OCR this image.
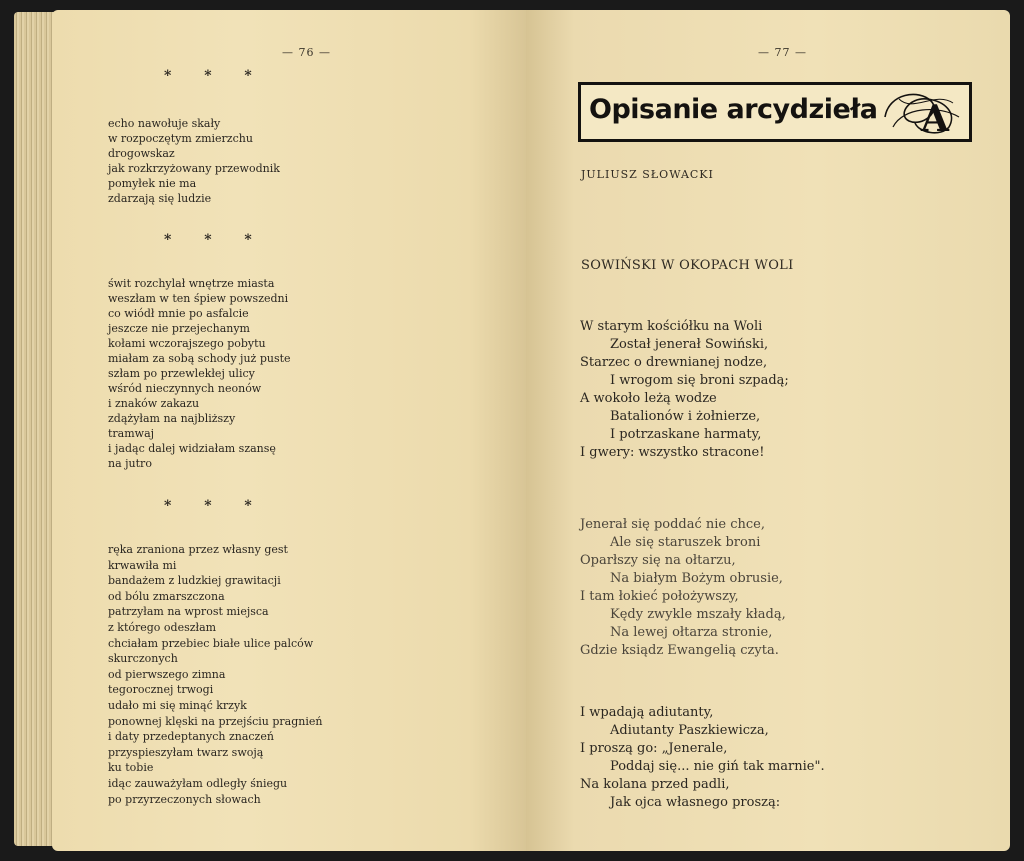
— 76 —
* * *
echo nawołuje skały
w rozpoczętym zmierzchu
drogowskaz
jak rozkrzyżowany przewodnik
pomyłek nie ma
zdarzają się ludzie
* * *
świt rozchylał wnętrze miasta
weszłam w ten śpiew powszedni
co wiódł mnie po asfalcie
jeszcze nie przejechanym
kołami wczorajszego pobytu
miałam za sobą schody już puste
szłam po przewlekłej ulicy
wśród nieczynnych neonów
i znaków zakazu
zdążyłam na najbliższy
tramwaj
i jadąc dalej widziałam szansę
na jutro
* * *
ręka zraniona przez własny gest
krwawiła mi
bandażem z ludzkiej grawitacji
od bólu zmarszczona
patrzyłam na wprost miejsca
z którego odeszłam
chciałam przebiec białe ulice palców
skurczonych
od pierwszego zimna
tegorocznej trwogi
udało mi się minąć krzyk
ponownej klęski na przejściu pragnień
i daty przedeptanych znaczeń
przyspieszyłam twarz swoją
ku tobie
idąc zauważyłam odległy śniegu
po przyrzeczonych słowach
— 77 —
Opisanie arcydzieła A
JULIUSZ SŁOWACKI
SOWIŃSKI W OKOPACH WOLI
W starym kościółku na Woli
Został jenerał Sowiński,
Starzec o drewnianej nodze,
I wrogom się broni szpadą;
A wokoło leżą wodze
Batalionów i żołnierze,
I potrzaskane harmaty,
I gwery: wszystko stracone!
Jenerał się poddać nie chce,
Ale się staruszek broni
Oparłszy się na ołtarzu,
Na białym Bożym obrusie,
I tam łokieć położywszy,
Kędy zwykle mszały kładą,
Na lewej ołtarza stronie,
Gdzie ksiądz Ewangelią czyta.
I wpadają adiutanty,
Adiutanty Paszkiewicza,
I proszą go: „Jenerale,
Poddaj się... nie giń tak marnie".
Na kolana przed padli,
Jak ojca własnego proszą:
